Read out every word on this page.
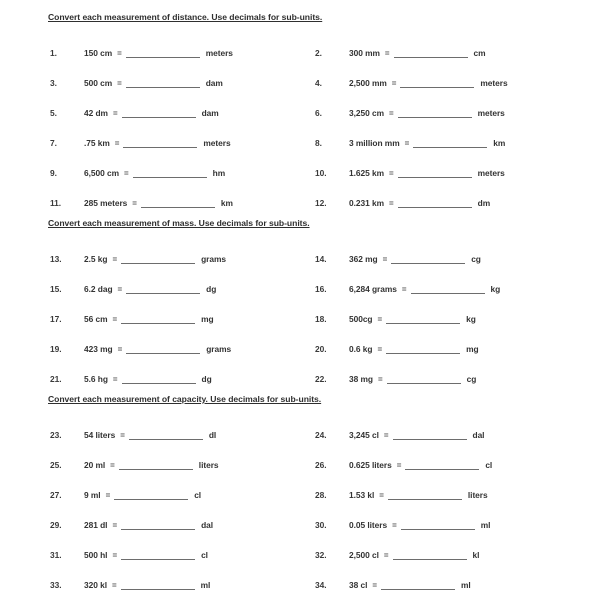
Convert each measurement of distance. Use decimals for sub-units.
1.	150 cm =	meters	2.	300 mm =	cm
3.	500 cm =	dam	4.	2,500 mm =	meters
5.	42 dm =	dam	6.	3,250 cm =	meters
7.	.75 km =	meters	8.	3 million mm =	km
9.	6,500 cm =	hm	10.	1.625 km =	meters
11.	285 meters =	km	12.	0.231 km =	dm
Convert each measurement of mass. Use decimals for sub-units.
13.	2.5 kg =	grams	14.	362 mg =	cg
15.	6.2 dag =	dg	16.	6,284 grams =	kg
17.	56 cm =	mg	18.	500cg =	kg
19.	423 mg =	grams	20.	0.6 kg =	mg
21.	5.6 hg =	dg	22.	38 mg =	cg
Convert each measurement of capacity. Use decimals for sub-units.
23.	54 liters =	dl	24.	3,245 cl =	dal
25.	20 ml =	liters	26.	0.625 liters =	cl
27.	9 ml =	cl	28.	1.53 kl =	liters
29.	281 dl =	dal	30.	0.05 liters =	ml
31.	500 hl =	cl	32.	2,500 cl =	kl
33.	320 kl =	ml	34.	38 cl =	ml
